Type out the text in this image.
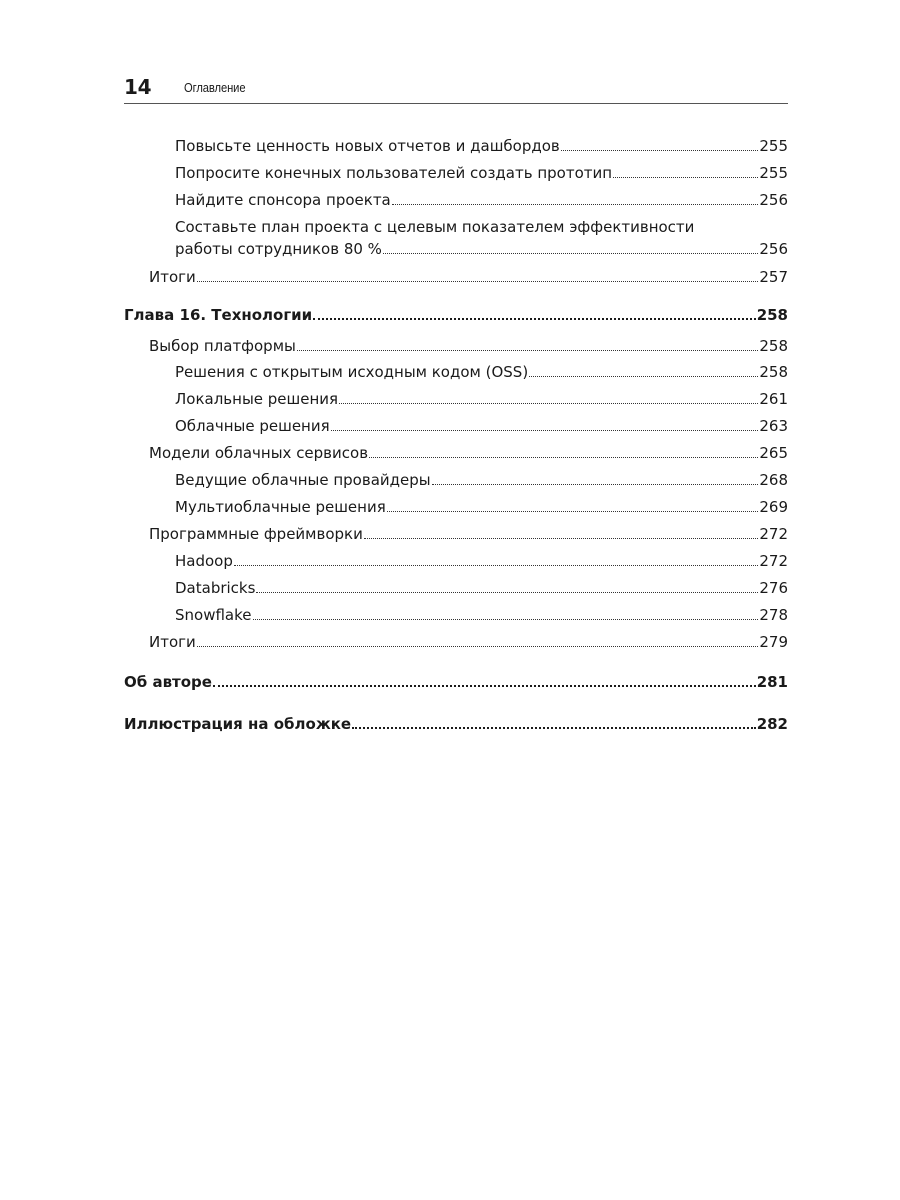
14	Оглавление
Повысьте ценность новых отчетов и дашбордов	255
Попросите конечных пользователей создать прототип	255
Найдите спонсора проекта	256
Составьте план проекта с целевым показателем эффективности
работы сотрудников 80 %	256
Итоги	257
Глава 16. Технологии	258
Выбор платформы	258
Решения с открытым исходным кодом (OSS)	258
Локальные решения	261
Облачные решения	263
Модели облачных сервисов	265
Ведущие облачные провайдеры	268
Мультиоблачные решения	269
Программные фреймворки	272
Hadoop	272
Databricks	276
Snowflake	278
Итоги	279
Об авторе	281
Иллюстрация на обложке	282
